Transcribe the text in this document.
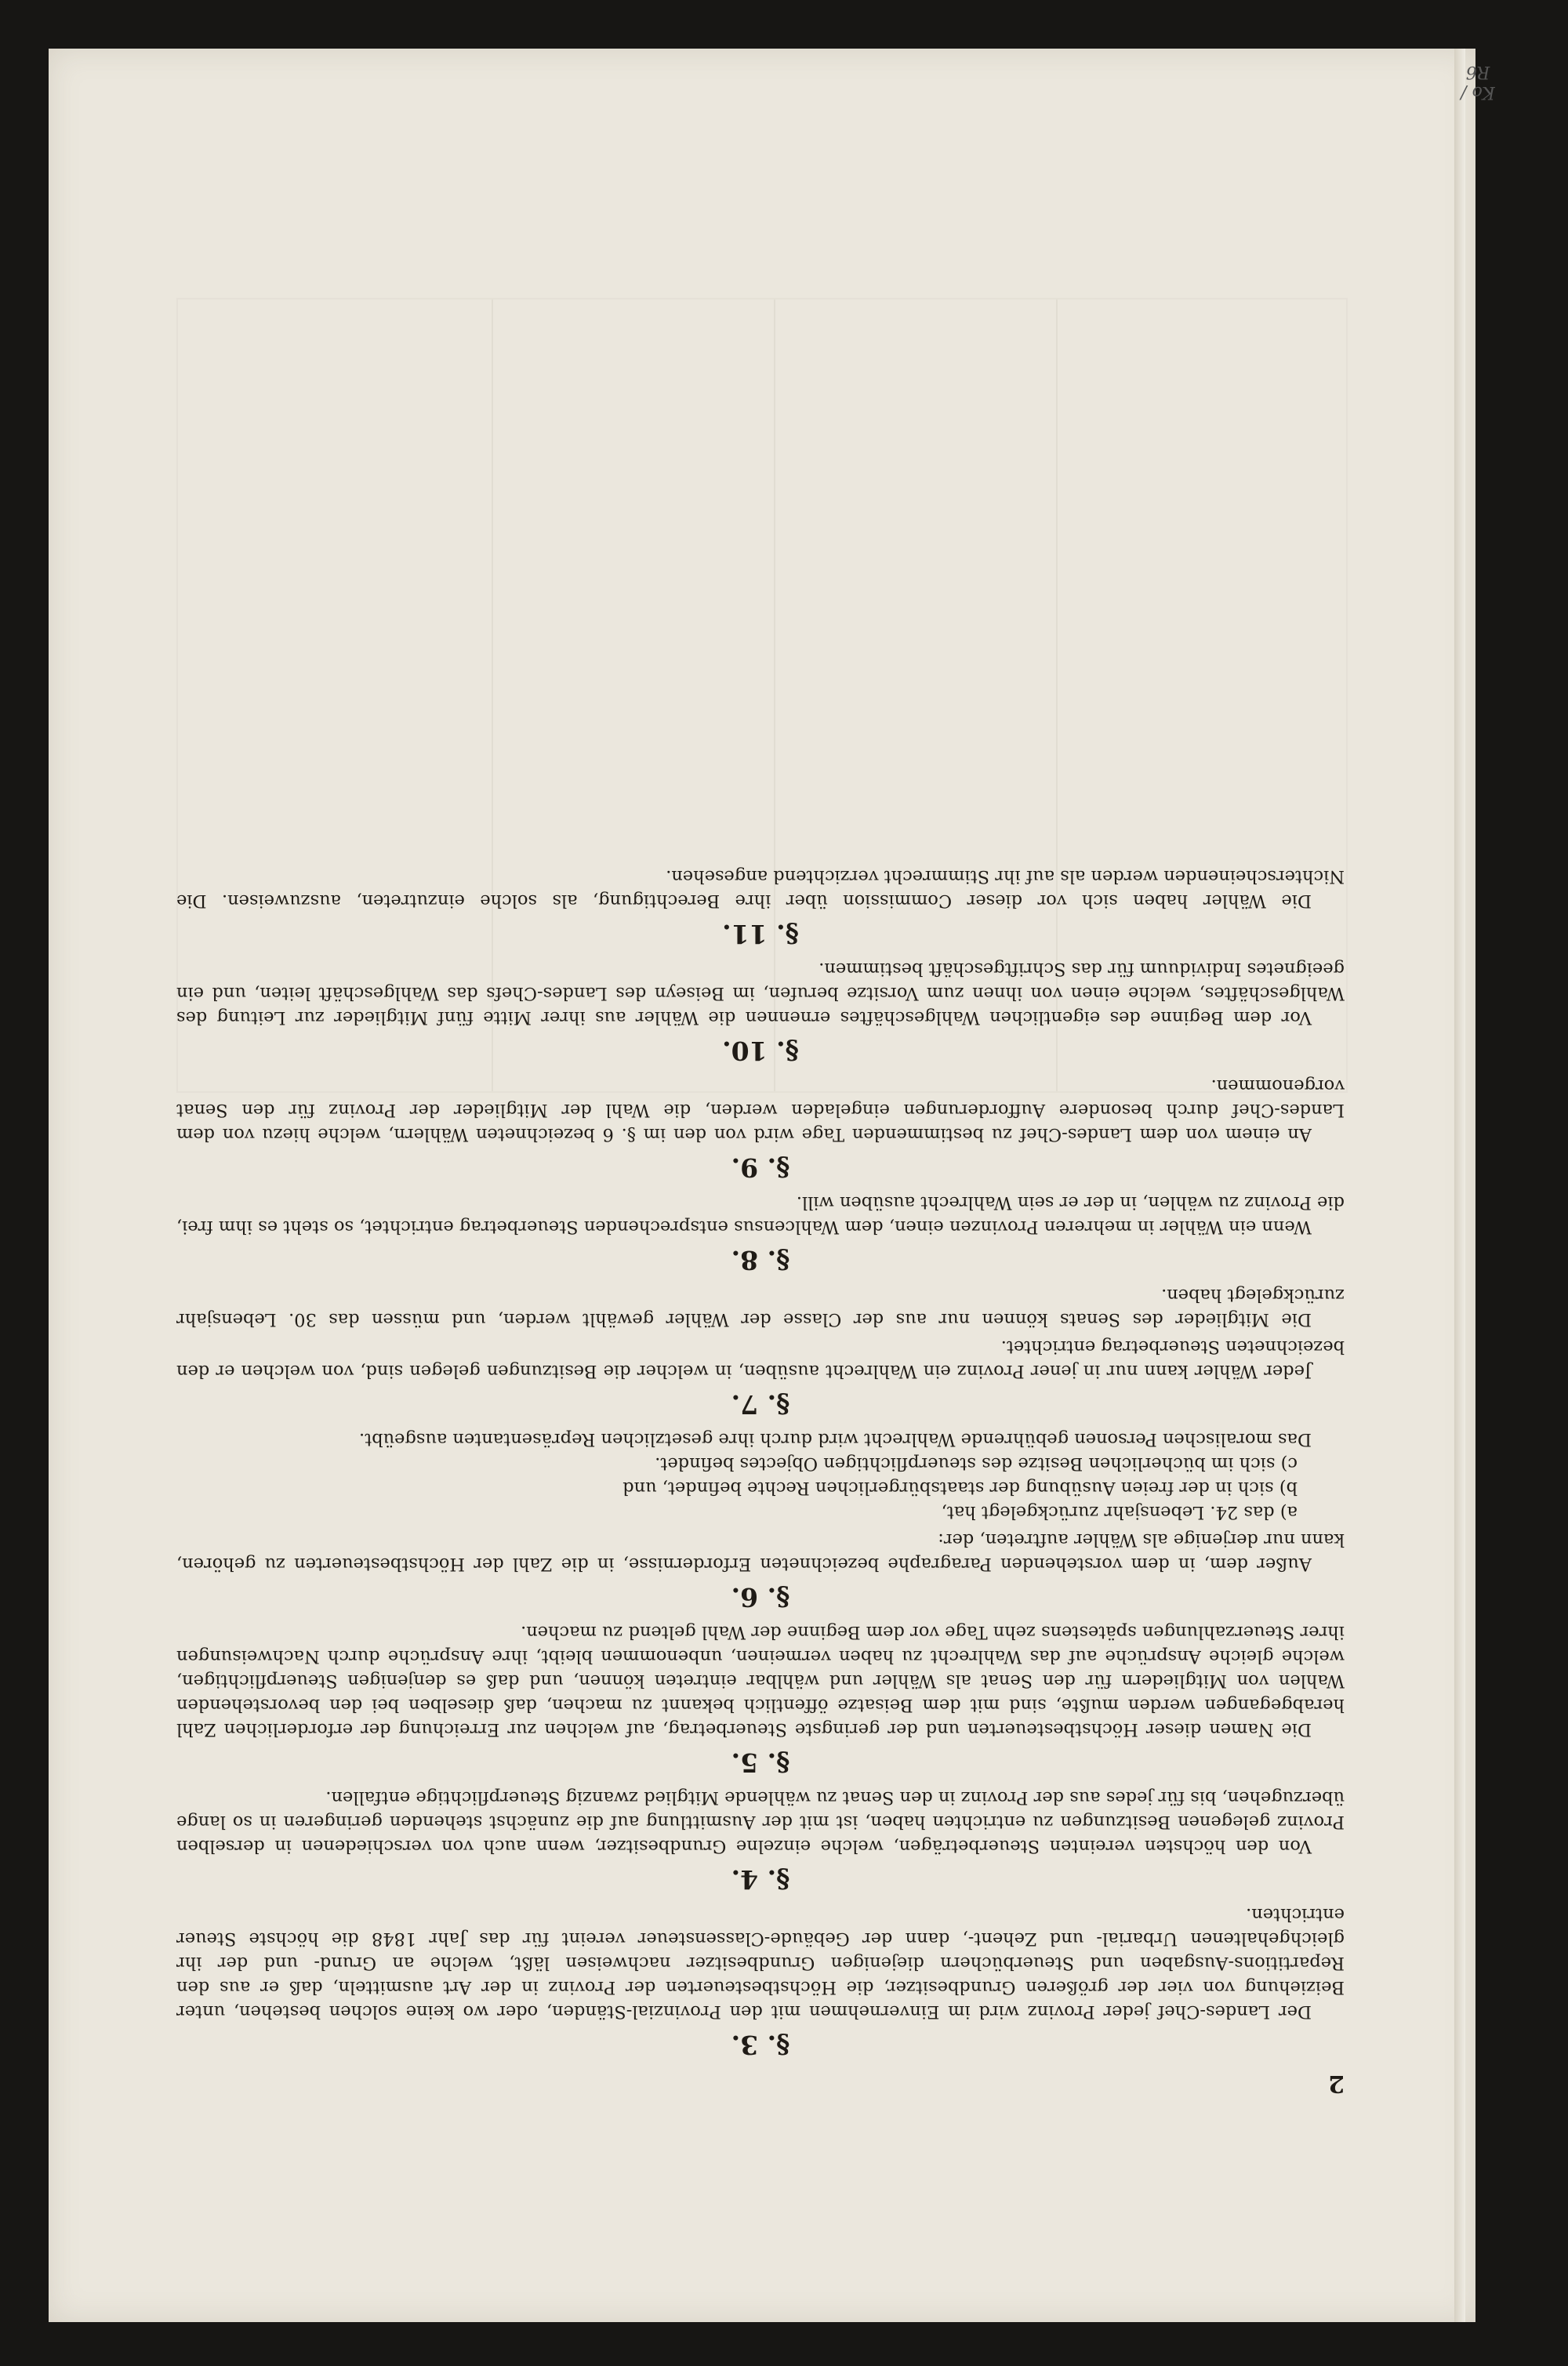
Ko / R6
2
§. 3.

Der Landes-Chef jeder Provinz wird im Einvernehmen mit den Provinzial-Ständen, oder wo keine solchen bestehen, unter Beiziehung von vier der größeren Grundbesitzer, die Höchstbesteuerten der Provinz in der Art ausmitteln, daß er aus den Repartitions-Ausgaben und Steuerbüchern diejenigen Grundbesitzer nachweisen läßt, welche an Grund- und der ihr gleichgehaltenen Urbarial- und Zehent-, dann der Gebäude-Classensteuer vereint für das Jahr 1848 die höchste Steuer entrichten.

§. 4.

Von den höchsten vereinten Steuerbeträgen, welche einzelne Grundbesitzer, wenn auch von verschiedenen in derselben Provinz gelegenen Besitzungen zu entrichten haben, ist mit der Ausmittlung auf die zunächst stehenden geringeren in so lange überzugehen, bis für jedes aus der Provinz in den Senat zu wählende Mitglied zwanzig Steuerpflichtige entfallen.

§. 5.

Die Namen dieser Höchstbesteuerten und der geringste Steuerbetrag, auf welchen zur Erreichung der erforderlichen Zahl herabgegangen werden mußte, sind mit dem Beisatze öffentlich bekannt zu machen, daß dieselben bei den bevorstehenden Wahlen von Mitgliedern für den Senat als Wähler und wählbar eintreten können, und daß es denjenigen Steuerpflichtigen, welche gleiche Ansprüche auf das Wahlrecht zu haben vermeinen, unbenommen bleibt, ihre Ansprüche durch Nachweisungen ihrer Steuerzahlungen spätestens zehn Tage vor dem Beginne der Wahl geltend zu machen.

§. 6.

Außer dem, in dem vorstehenden Paragraphe bezeichneten Erfordernisse, in die Zahl der Höchstbesteuerten zu gehören, kann nur derjenige als Wähler auftreten, der:

a) das 24. Lebensjahr zurückgelegt hat,
b) sich in der freien Ausübung der staatsbürgerlichen Rechte befindet, und
c) sich im bücherlichen Besitze des steuerpflichtigen Objectes befindet.

Das moralischen Personen gebührende Wahlrecht wird durch ihre gesetzlichen Repräsentanten ausgeübt.

§. 7.

Jeder Wähler kann nur in jener Provinz ein Wahlrecht ausüben, in welcher die Besitzungen gelegen sind, von welchen er den bezeichneten Steuerbetrag entrichtet.

Die Mitglieder des Senats können nur aus der Classe der Wähler gewählt werden, und müssen das 30. Lebensjahr zurückgelegt haben.

§. 8.

Wenn ein Wähler in mehreren Provinzen einen, dem Wahlcensus entsprechenden Steuerbetrag entrichtet, so steht es ihm frei, die Provinz zu wählen, in der er sein Wahlrecht ausüben will.

§. 9.

An einem von dem Landes-Chef zu bestimmenden Tage wird von den im §. 6 bezeichneten Wählern, welche hiezu von dem Landes-Chef durch besondere Aufforderungen eingeladen werden, die Wahl der Mitglieder der Provinz für den Senat vorgenommen.

§. 10.

Vor dem Beginne des eigentlichen Wahlgeschäftes ernennen die Wähler aus ihrer Mitte fünf Mitglieder zur Leitung des Wahlgeschäftes, welche einen von ihnen zum Vorsitze berufen, im Beiseyn des Landes-Chefs das Wahlgeschäft leiten, und ein geeignetes Individuum für das Schriftgeschäft bestimmen.

§. 11.

Die Wähler haben sich vor dieser Commission über ihre Berechtigung, als solche einzutreten, auszuweisen. Die Nichterscheinenden werden als auf ihr Stimmrecht verzichtend angesehen.
